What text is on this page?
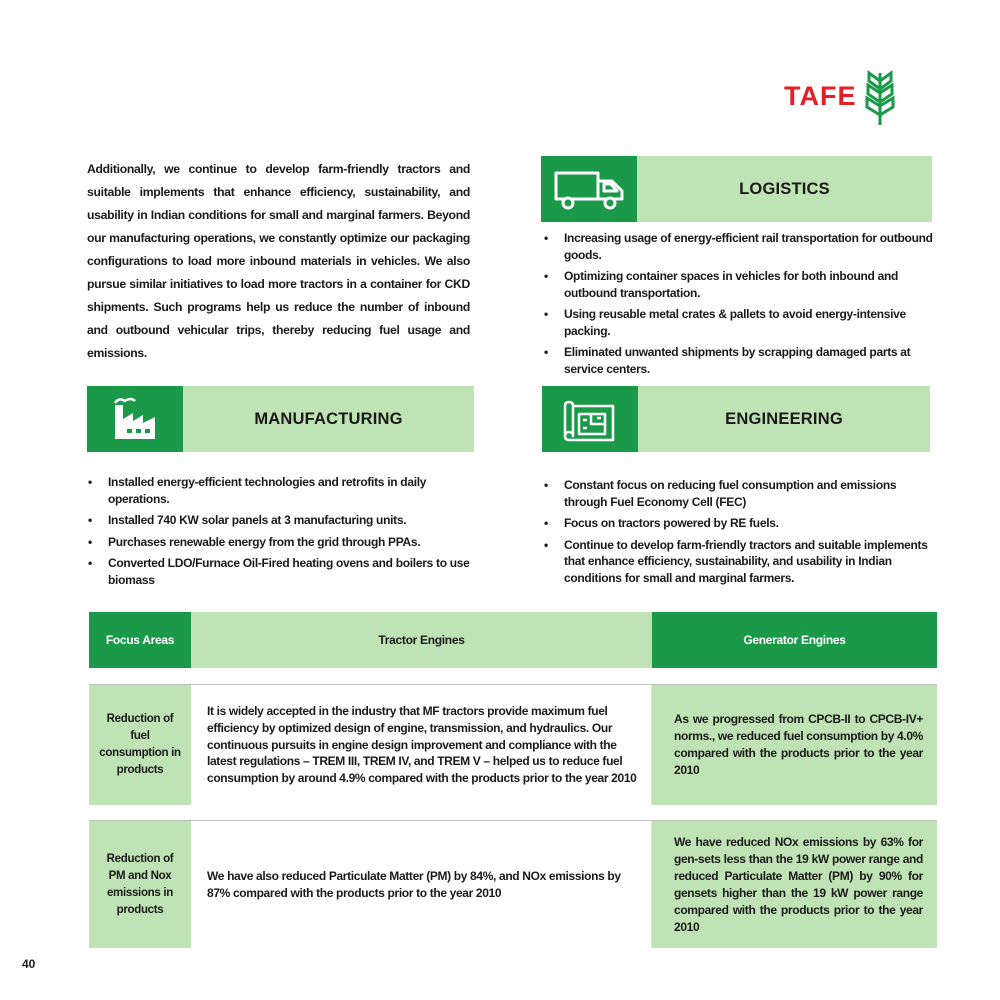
TAFE

Additionally, we continue to develop farm-friendly tractors and suitable implements that enhance efficiency, sustainability, and usability in Indian conditions for small and marginal farmers. Beyond our manufacturing operations, we constantly optimize our packaging configurations to load more inbound materials in vehicles. We also pursue similar initiatives to load more tractors in a container for CKD shipments. Such programs help us reduce the number of inbound and outbound vehicular trips, thereby reducing fuel usage and emissions.

LOGISTICS
• Increasing usage of energy-efficient rail transportation for outbound goods.
• Optimizing container spaces in vehicles for both inbound and outbound transportation.
• Using reusable metal crates & pallets to avoid energy-intensive packing.
• Eliminated unwanted shipments by scrapping damaged parts at service centers.
MANUFACTURING
• Installed energy-efficient technologies and retrofits in daily operations.
• Installed 740 KW solar panels at 3 manufacturing units.
• Purchases renewable energy from the grid through PPAs.
• Converted LDO/Furnace Oil-Fired heating ovens and boilers to use biomass
ENGINEERING
• Constant focus on reducing fuel consumption and emissions through Fuel Economy Cell (FEC)
• Focus on tractors powered by RE fuels.
• Continue to develop farm-friendly tractors and suitable implements that enhance efficiency, sustainability, and usability in Indian conditions for small and marginal farmers.
Focus Areas	Tractor Engines	Generator Engines
Reduction of fuel consumption in products
It is widely accepted in the industry that MF tractors provide maximum fuel efficiency by optimized design of engine, transmission, and hydraulics. Our continuous pursuits in engine design improvement and compliance with the latest regulations – TREM III, TREM IV, and TREM V – helped us to reduce fuel consumption by around 4.9% compared with the products prior to the year 2010
As we progressed from CPCB-II to CPCB-IV+ norms., we reduced fuel consumption by 4.0% compared with the products prior to the year 2010
Reduction of PM and Nox emissions in products
We have also reduced Particulate Matter (PM) by 84%, and NOx emissions by 87% compared with the products prior to the year 2010
We have reduced NOx emissions by 63% for gen-sets less than the 19 kW power range and reduced Particulate Matter (PM) by 90% for gensets higher than the 19 kW power range compared with the products prior to the year 2010
40
